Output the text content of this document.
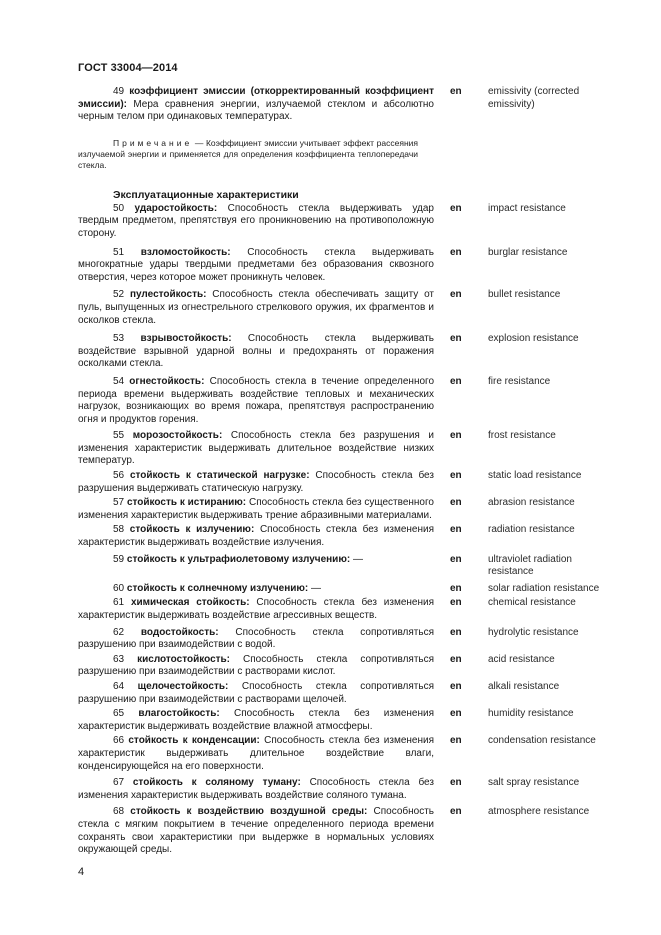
ГОСТ 33004—2014
49 коэффициент эмиссии (откорректированный коэффициент эмиссии): Мера сравнения энергии, излучаемой стеклом и абсолютно черным телом при одинаковых температурах.
en	emissivity (corrected emissivity)
Примечание — Коэффициент эмиссии учитывает эффект рассеяния излучаемой энергии и применяется для определения коэффициента теплопередачи стекла.
Эксплуатационные характеристики
50 ударостойкость: Способность стекла выдерживать удар твердым предметом, препятствуя его проникновению на противоположную сторону.
en	impact resistance
51 взломостойкость: Способность стекла выдерживать многократные удары твердыми предметами без образования сквозного отверстия, через которое может проникнуть человек.
en	burglar resistance
52 пулестойкость: Способность стекла обеспечивать защиту от пуль, выпущенных из огнестрельного стрелкового оружия, их фрагментов и осколков стекла.
en	bullet resistance
53 взрывостойкость: Способность стекла выдерживать воздействие взрывной ударной волны и предохранять от поражения осколками стекла.
en	explosion resistance
54 огнестойкость: Способность стекла в течение определенного периода времени выдерживать воздействие тепловых и механических нагрузок, возникающих во время пожара, препятствуя распространению огня и продуктов горения.
en	fire resistance
55 морозостойкость: Способность стекла без разрушения и изменения характеристик выдерживать длительное воздействие низких температур.
en	frost resistance
56 стойкость к статической нагрузке: Способность стекла без разрушения выдерживать статическую нагрузку.
en	static load resistance
57 стойкость к истиранию: Способность стекла без существенного изменения характеристик выдерживать трение абразивными материалами.
en	abrasion resistance
58 стойкость к излучению: Способность стекла без изменения характеристик выдерживать воздействие излучения.
en	radiation resistance
59 стойкость к ультрафиолетовому излучению: —	en	ultraviolet radiation resistance
60 стойкость к солнечному излучению: —	en	solar radiation resistance
61 химическая стойкость: Способность стекла без изменения характеристик выдерживать воздействие агрессивных веществ.
en	chemical resistance
62 водостойкость: Способность стекла сопротивляться разрушению при взаимодействии с водой.
en	hydrolytic resistance
63 кислотостойкость: Способность стекла сопротивляться разрушению при взаимодействии с растворами кислот.
en	acid resistance
64 щелочестойкость: Способность стекла сопротивляться разрушению при взаимодействии с растворами щелочей.
en	alkali resistance
65 влагостойкость: Способность стекла без изменения характеристик выдерживать воздействие влажной атмосферы.
en	humidity resistance
66 стойкость к конденсации: Способность стекла без изменения характеристик выдерживать длительное воздействие влаги, конденсирующейся на его поверхности.
en	condensation resistance
67 стойкость к соляному туману: Способность стекла без изменения характеристик выдерживать воздействие соляного тумана.
en	salt spray resistance
68 стойкость к воздействию воздушной среды: Способность стекла с мягким покрытием в течение определенного периода времени сохранять свои характеристики при выдержке в нормальных условиях окружающей среды.
en	atmosphere resistance
4
